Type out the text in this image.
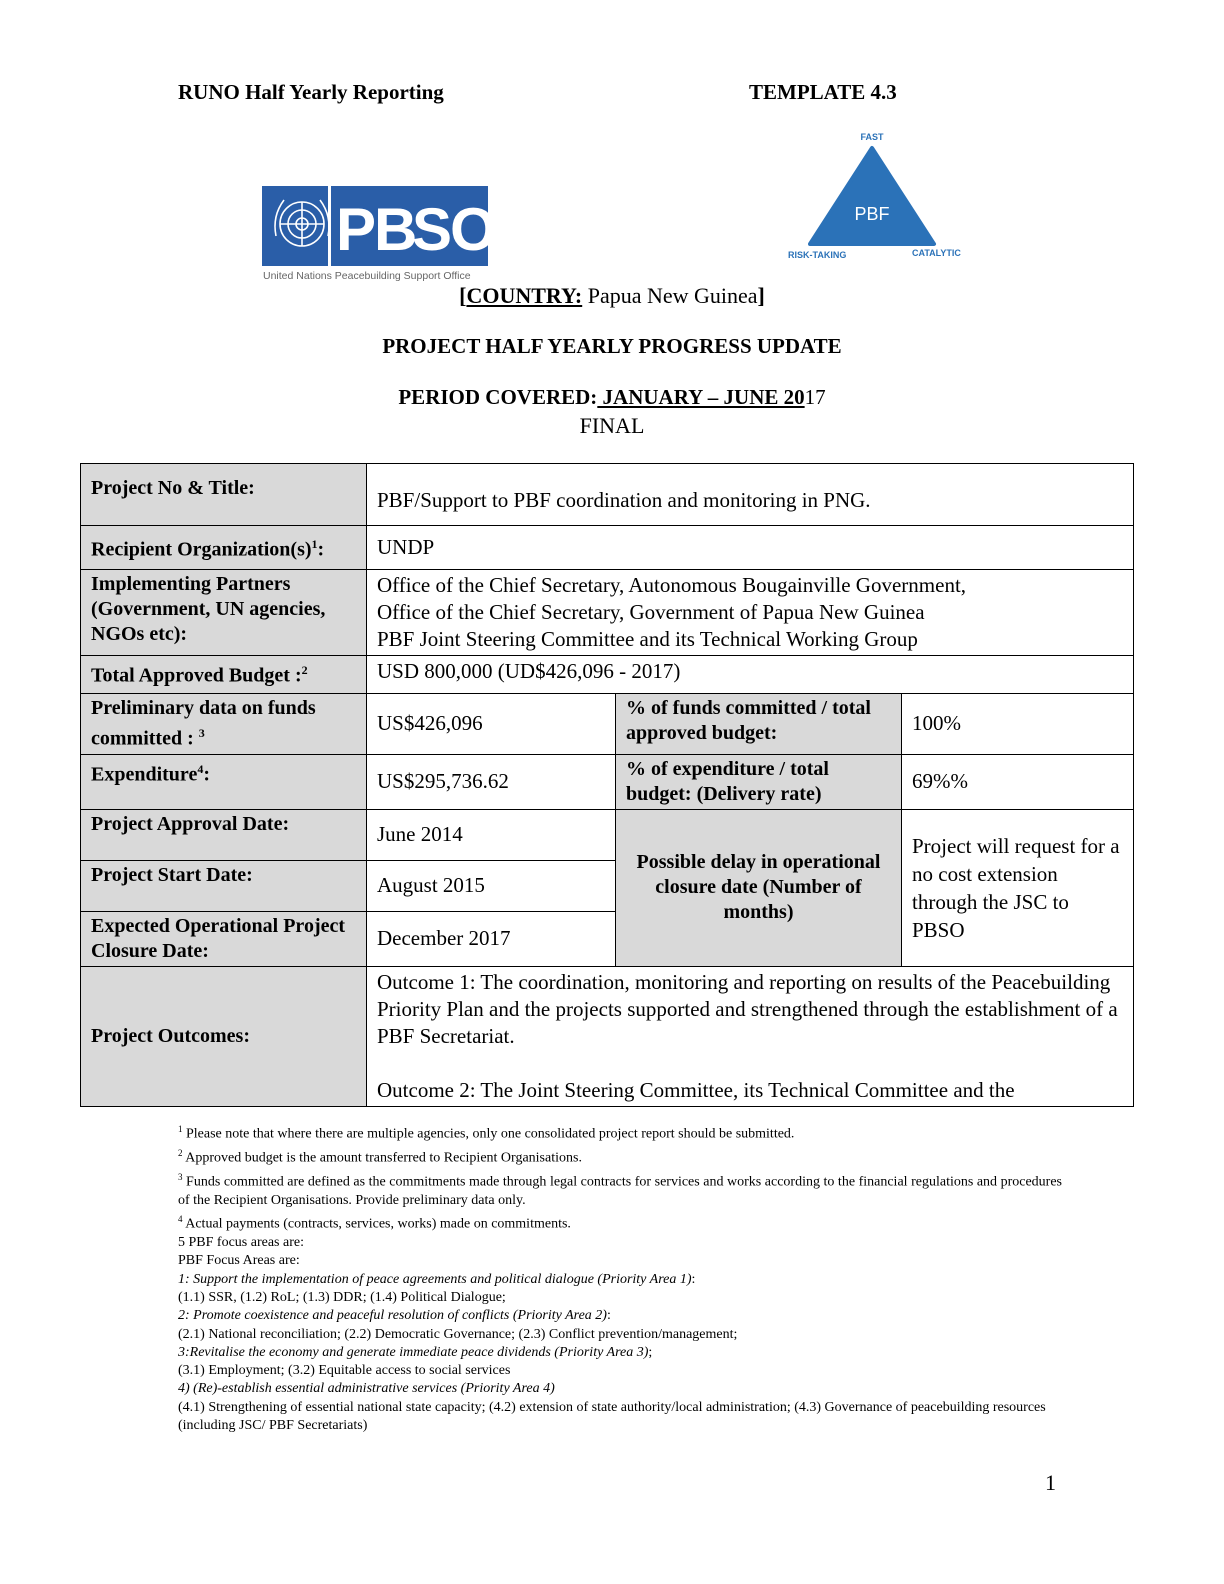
RUNO Half Yearly Reporting	TEMPLATE 4.3
P
B
S
O
United Nations Peacebuilding Support Office
FAST
PBF
RISK-TAKING	CATALYTIC
[COUNTRY: Papua New Guinea]
PROJECT HALF YEARLY PROGRESS UPDATE
PERIOD COVERED: JANUARY – JUNE 2017
FINAL
Project No & Title:	PBF/Support to PBF coordination and monitoring in PNG.		
Recipient $Organization(s)^1$:	UNDP		
Implementing Partners (Government, UN agencies, NGOs etc):	Office of the Chief Secretary, Autonomous Bougainville Government,
Office of the Chief Secretary, Government of Papua New Guinea
PBF Joint Steering Committee and its Technical Working Group		

Total Approved Budget :$^2$	USD 800,000 (UD$426,096 - 2017)		
Preliminary data on funds committed : $^3$	US$426,096	% of funds committed / total approved budget:	100%
Expenditure$^4$:	US$295,736.62	% of expenditure / total budget: (Delivery rate)	69%%
Project Approval Date:	June 2014	Possible delay in operational closure date (Number of months)	Project will request for a no cost extension through the JSC to PBSO
Project Start Date:	August 2015		
Expected Operational Project Closure Date:	December 2017		
Project Outcomes:	Outcome 1: The coordination, monitoring and reporting on results of the Peacebuilding Priority Plan and the projects supported and strengthened through the establishment of a PBF Secretariat.
Outcome 2: The Joint Steering Committee, its Technical Committee and the		

$^1$ Please note that where there are multiple agencies, only one consolidated project report should be submitted.

$^2$ Approved budget is the amount transferred to Recipient Organisations.

$^3$ Funds committed are defined as the commitments made through legal contracts for services and works according to the financial regulations and procedures of the Recipient Organisations. Provide preliminary data only.

$^4$ Actual payments (contracts, services, works) made on commitments.

5 PBF focus areas are:

PBF Focus Areas are:

1: Support the implementation of peace agreements and political dialogue (Priority Area 1):

(1.1) SSR, (1.2) RoL; (1.3) DDR; (1.4) Political Dialogue;

2: Promote coexistence and peaceful resolution of conflicts (Priority Area 2):

(2.1) National reconciliation; (2.2) Democratic Governance; (2.3) Conflict prevention/management;

3:Revitalise the economy and generate immediate peace dividends (Priority Area 3);

(3.1) Employment; (3.2) Equitable access to social services

4) (Re)-establish essential administrative services (Priority Area 4)

(4.1) Strengthening of essential national state capacity; (4.2) extension of state authority/local administration; (4.3) Governance of peacebuilding resources (including JSC/ PBF Secretariats)

1
